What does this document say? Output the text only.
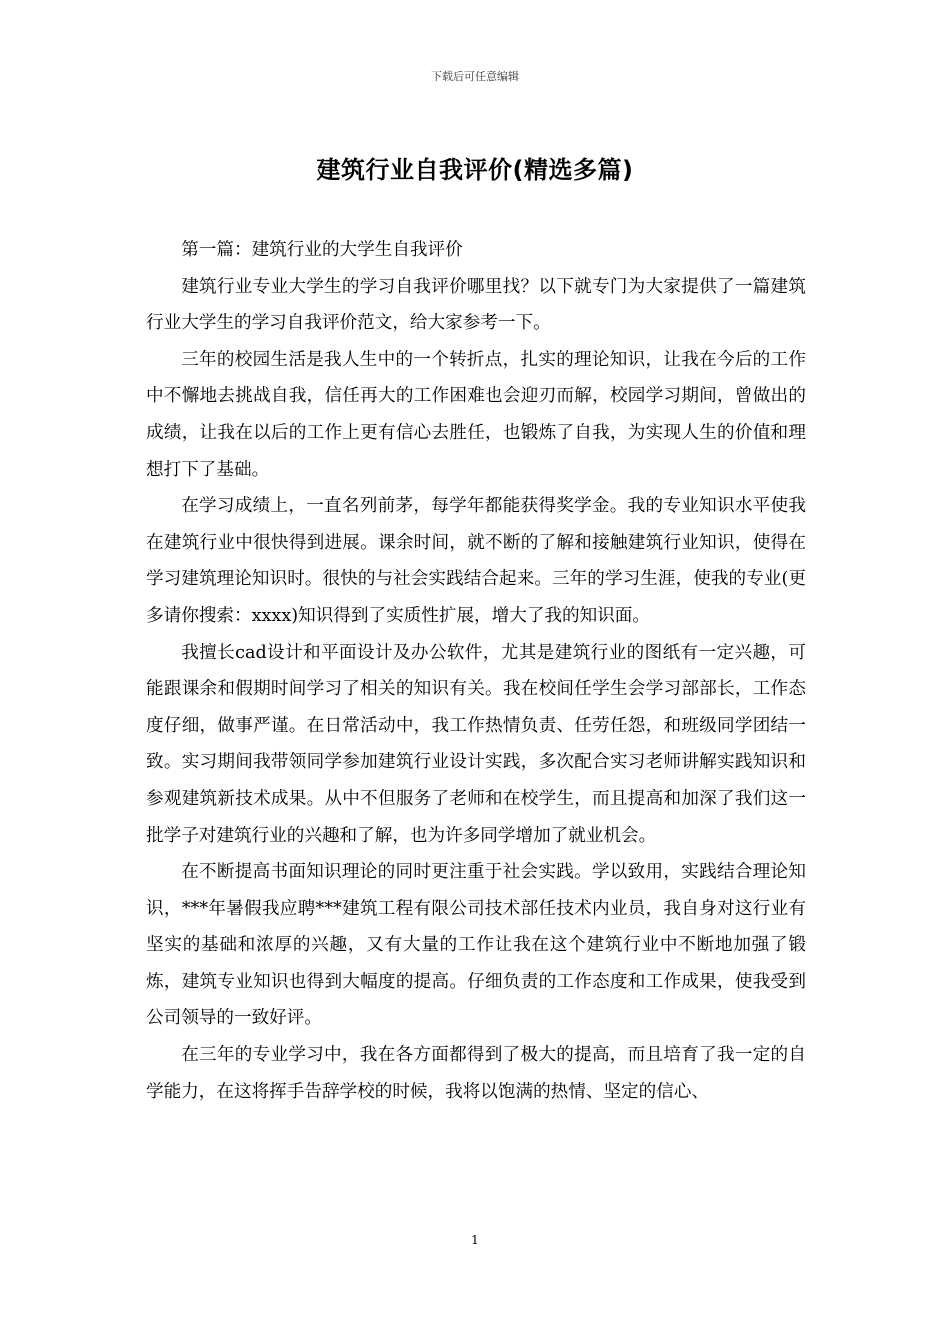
下载后可任意编辑
建筑行业自我评价(精选多篇)

第一篇：建筑行业的大学生自我评价

建筑行业专业大学生的学习自我评价哪里找？以下就专门为大家提供了一篇建筑行业大学生的学习自我评价范文，给大家参考一下。

三年的校园生活是我人生中的一个转折点，扎实的理论知识，让我在今后的工作中不懈地去挑战自我，信任再大的工作困难也会迎刃而解，校园学习期间，曾做出的成绩，让我在以后的工作上更有信心去胜任，也锻炼了自我，为实现人生的价值和理想打下了基础。

在学习成绩上，一直名列前茅，每学年都能获得奖学金。我的专业知识水平使我在建筑行业中很快得到进展。课余时间，就不断的了解和接触建筑行业知识，使得在学习建筑理论知识时。很快的与社会实践结合起来。三年的学习生涯，使我的专业(更多请你搜索：xxxx)知识得到了实质性扩展，增大了我的知识面。

我擅长cad设计和平面设计及办公软件，尤其是建筑行业的图纸有一定兴趣，可能跟课余和假期时间学习了相关的知识有关。我在校间任学生会学习部部长，工作态度仔细，做事严谨。在日常活动中，我工作热情负责、任劳任怨，和班级同学团结一致。实习期间我带领同学参加建筑行业设计实践，多次配合实习老师讲解实践知识和参观建筑新技术成果。从中不但服务了老师和在校学生，而且提高和加深了我们这一批学子对建筑行业的兴趣和了解，也为许多同学增加了就业机会。

在不断提高书面知识理论的同时更注重于社会实践。学以致用，实践结合理论知识，***年暑假我应聘***建筑工程有限公司技术部任技术内业员，我自身对这行业有坚实的基础和浓厚的兴趣，又有大量的工作让我在这个建筑行业中不断地加强了锻炼，建筑专业知识也得到大幅度的提高。仔细负责的工作态度和工作成果，使我受到公司领导的一致好评。

在三年的专业学习中，我在各方面都得到了极大的提高，而且培育了我一定的自学能力，在这将挥手告辞学校的时候，我将以饱满的热情、坚定的信心、

1
